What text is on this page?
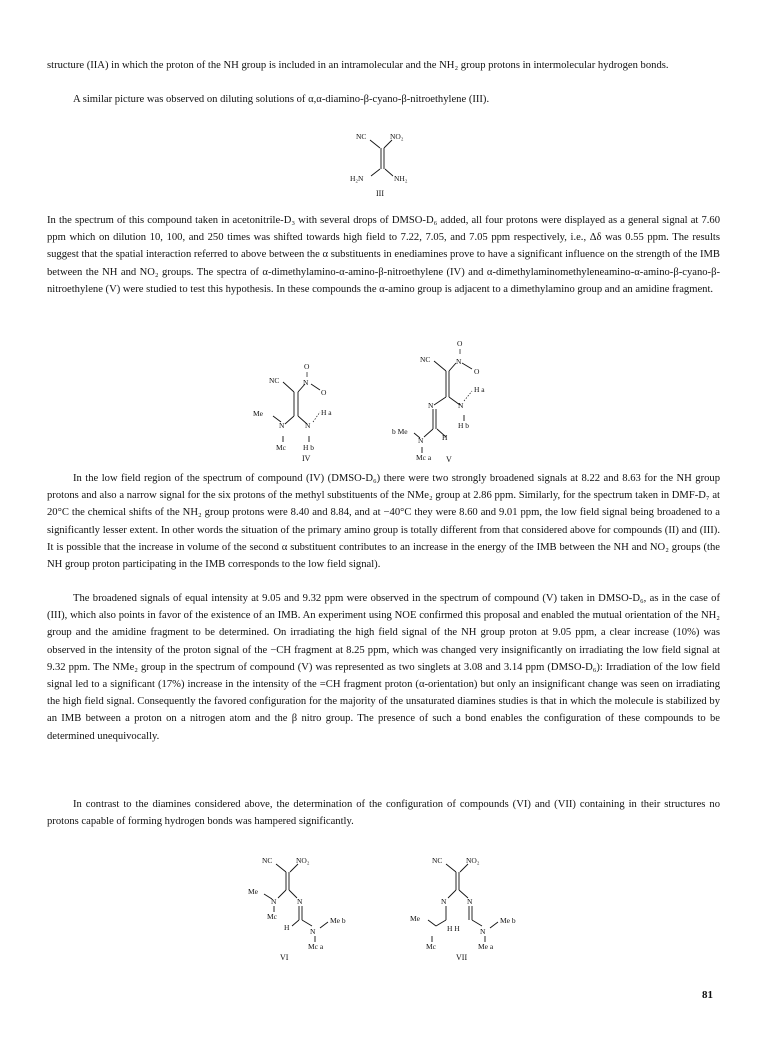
structure (IIA) in which the proton of the NH group is included in an intramolecular and the NH₂ group protons in intermolecular hydrogen bonds.

A similar picture was observed on diluting solutions of α,α-diamino-β-cyano-β-nitroethylene (III).

NC	NO₂
H₂N	NH₂
III

In the spectrum of this compound taken in acetonitrile-D₃ with several drops of DMSO-D₆ added, all four protons were displayed as a general signal at 7.60 ppm which on dilution 10, 100, and 250 times was shifted towards high field to 7.22, 7.05, and 7.05 ppm respectively, i.e., Δδ was 0.55 ppm. The results suggest that the spatial interaction referred to above between the α substituents in enediamines prove to have a significant influence on the strength of the IMB between the NH and NO₂ groups. The spectra of α-dimethylamino-α-amino-β-nitroethylene (IV) and α-dimethylaminomethyleneamino-α-amino-β-cyano-β-nitroethylene (V) were studied to test this hypothesis. In these compounds the α-amino group is adjacent to a dimethylamino group and an amidine fragment.

O
‖
NC	N
O
Me
N	N
H a
Mc H b
IV
O
‖
NC	N
O
H a
N	N
H b
H
b Me
N
Mc a V

In the low field region of the spectrum of compound (IV) (DMSO-D₆) there were two strongly broadened signals at 8.22 and 8.63 for the NH group protons and also a narrow signal for the six protons of the methyl substituents of the NMe₂ group at 2.86 ppm. Similarly, for the spectrum taken in DMF-D₇ at 20°C the chemical shifts of the NH₂ group protons were 8.40 and 8.84, and at −40°C they were 8.60 and 9.01 ppm, the low field signal being broadened to a significantly lesser extent. In other words the situation of the primary amino group is totally different from that considered above for compounds (II) and (III). It is possible that the increase in volume of the second α substituent contributes to an increase in the energy of the IMB between the NH and NO₂ groups (the NH group proton participating in the IMB corresponds to the low field signal).

The broadened signals of equal intensity at 9.05 and 9.32 ppm were observed in the spectrum of compound (V) taken in DMSO-D₆, as in the case of (III), which also points in favor of the existence of an IMB. An experiment using NOE confirmed this proposal and enabled the mutual orientation of the NH₂ group and the amidine fragment to be determined. On irradiating the high field signal of the NH group proton at 9.05 ppm, a clear increase (10%) was observed in the intensity of the proton signal of the −CH fragment at 8.25 ppm, which was changed very insignificantly on irradiating the low field signal at 9.32 ppm. The NMe₂ group in the spectrum of compound (V) was represented as two singlets at 3.08 and 3.14 ppm (DMSO-D₆): Irradiation of the low field signal led to a significant (17%) increase in the intensity of the =CH fragment proton (α-orientation) but only an insignificant change was seen on irradiating the high field signal. Consequently the favored configuration for the majority of the unsaturated diamines studies is that in which the molecule is stabilized by an IMB between a proton on a nitrogen atom and the β nitro group. The presence of such a bond enables the configuration of these compounds to be determined unequivocally.

In contrast to the diamines considered above, the determination of the configuration of compounds (VI) and (VII) containing in their structures no protons capable of forming hydrogen bonds was hampered significantly.

NC	NO₂
Me
N	N
Mc
H	N
Me b
Mc a
VI
NC	NO₂
N	N
Me
H H	N
Me b
Mc	Me a
VII
81
